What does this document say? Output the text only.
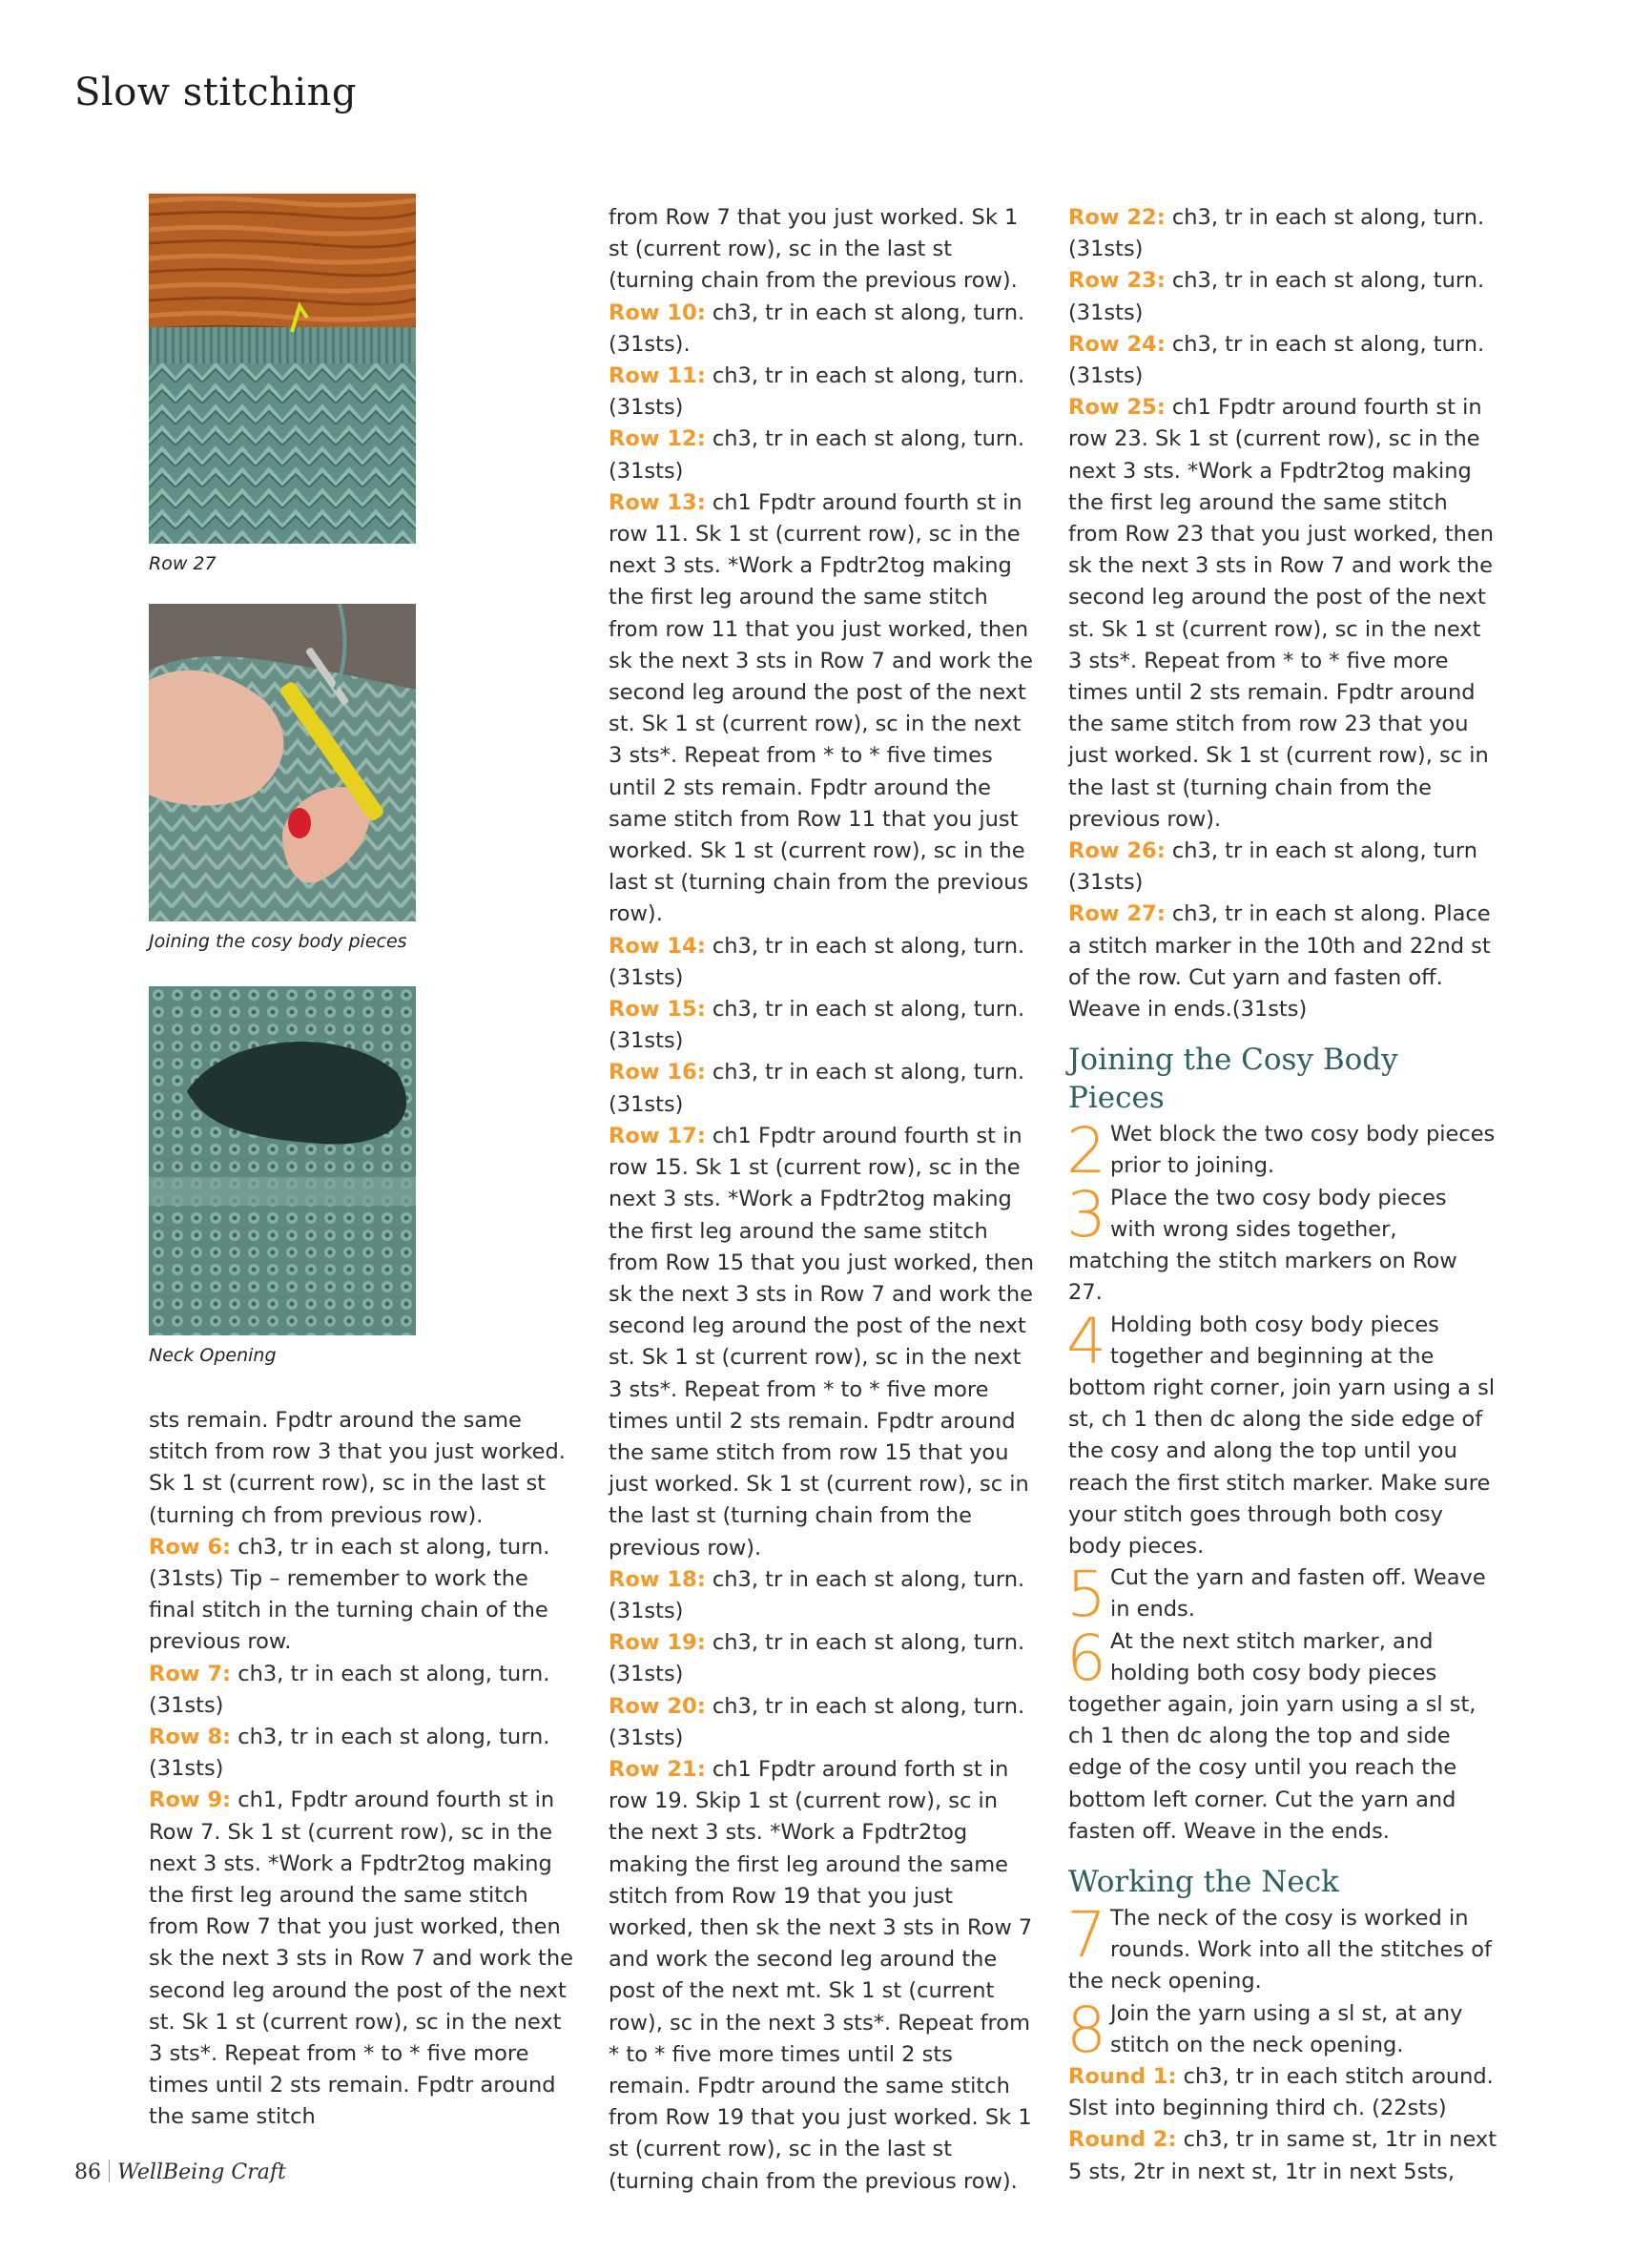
Slow stitching
Row 27
Joining the cosy body pieces
Neck Opening

sts remain. Fpdtr around the same stitch from row 3 that you just worked. Sk 1 st (current row), sc in the last st (turning ch from previous row).

Row 6: ch3, tr in each st along, turn. (31sts) Tip – remember to work the final stitch in the turning chain of the previous row.

Row 7: ch3, tr in each st along, turn. (31sts)

Row 8: ch3, tr in each st along, turn. (31sts)

Row 9: ch1, Fpdtr around fourth st in Row 7. Sk 1 st (current row), sc in the next 3 sts. *Work a Fpdtr2tog making the first leg around the same stitch from Row 7 that you just worked, then sk the next 3 sts in Row 7 and work the second leg around the post of the next st. Sk 1 st (current row), sc in the next 3 sts*. Repeat from * to * five more times until 2 sts remain. Fpdtr around the same stitch

from Row 7 that you just worked. Sk 1 st (current row), sc in the last st (turning chain from the previous row).

Row 10: ch3, tr in each st along, turn. (31sts).

Row 11: ch3, tr in each st along, turn. (31sts)

Row 12: ch3, tr in each st along, turn. (31sts)

Row 13: ch1 Fpdtr around fourth st in row 11. Sk 1 st (current row), sc in the next 3 sts. *Work a Fpdtr2tog making the first leg around the same stitch from row 11 that you just worked, then sk the next 3 sts in Row 7 and work the second leg around the post of the next st. Sk 1 st (current row), sc in the next 3 sts*. Repeat from * to * five times until 2 sts remain. Fpdtr around the same stitch from Row 11 that you just worked. Sk 1 st (current row), sc in the last st (turning chain from the previous row).

Row 14: ch3, tr in each st along, turn. (31sts)

Row 15: ch3, tr in each st along, turn. (31sts)

Row 16: ch3, tr in each st along, turn. (31sts)

Row 17: ch1 Fpdtr around fourth st in row 15. Sk 1 st (current row), sc in the next 3 sts. *Work a Fpdtr2tog making the first leg around the same stitch from Row 15 that you just worked, then sk the next 3 sts in Row 7 and work the second leg around the post of the next st. Sk 1 st (current row), sc in the next 3 sts*. Repeat from * to * five more times until 2 sts remain. Fpdtr around the same stitch from row 15 that you just worked. Sk 1 st (current row), sc in the last st (turning chain from the previous row).

Row 18: ch3, tr in each st along, turn. (31sts)

Row 19: ch3, tr in each st along, turn. (31sts)

Row 20: ch3, tr in each st along, turn. (31sts)

Row 21: ch1 Fpdtr around forth st in row 19. Skip 1 st (current row), sc in the next 3 sts. *Work a Fpdtr2tog making the first leg around the same stitch from Row 19 that you just worked, then sk the next 3 sts in Row 7 and work the second leg around the post of the next mt. Sk 1 st (current row), sc in the next 3 sts*. Repeat from * to * five more times until 2 sts remain. Fpdtr around the same stitch from Row 19 that you just worked. Sk 1 st (current row), sc in the last st (turning chain from the previous row).

Row 22: ch3, tr in each st along, turn. (31sts)

Row 23: ch3, tr in each st along, turn. (31sts)

Row 24: ch3, tr in each st along, turn. (31sts)

Row 25: ch1 Fpdtr around fourth st in row 23. Sk 1 st (current row), sc in the next 3 sts. *Work a Fpdtr2tog making the first leg around the same stitch from Row 23 that you just worked, then sk the next 3 sts in Row 7 and work the second leg around the post of the next st. Sk 1 st (current row), sc in the next 3 sts*. Repeat from * to * five more times until 2 sts remain. Fpdtr around the same stitch from row 23 that you just worked. Sk 1 st (current row), sc in the last st (turning chain from the previous row).

Row 26: ch3, tr in each st along, turn (31sts)

Row 27: ch3, tr in each st along. Place a stitch marker in the 10th and 22nd st of the row. Cut yarn and fasten off. Weave in ends.(31sts)

Joining the Cosy Body Pieces

2 Wet block the two cosy body pieces prior to joining.

3 Place the two cosy body pieces with wrong sides together, matching the stitch markers on Row 27.

4 Holding both cosy body pieces together and beginning at the bottom right corner, join yarn using a sl st, ch 1 then dc along the side edge of the cosy and along the top until you reach the first stitch marker. Make sure your stitch goes through both cosy body pieces.

5 Cut the yarn and fasten off. Weave in ends.

6 At the next stitch marker, and holding both cosy body pieces together again, join yarn using a sl st, ch 1 then dc along the top and side edge of the cosy until you reach the bottom left corner. Cut the yarn and fasten off. Weave in the ends.

Working the Neck

7 The neck of the cosy is worked in rounds. Work into all the stitches of the neck opening.

8 Join the yarn using a sl st, at any stitch on the neck opening.

Round 1: ch3, tr in each stitch around. Slst into beginning third ch. (22sts)

Round 2: ch3, tr in same st, 1tr in next 5 sts, 2tr in next st, 1tr in next 5sts,

86 WellBeing Craft
